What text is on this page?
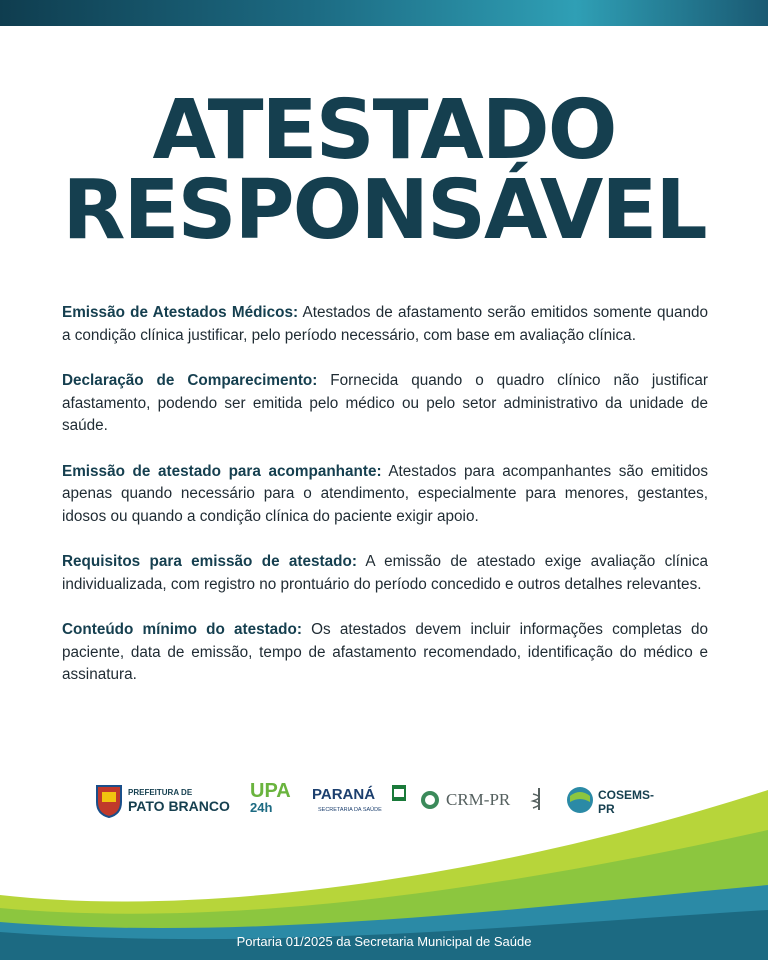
ATESTADO
RESPONSÁVEL

Emissão de Atestados Médicos: Atestados de afastamento serão emitidos somente quando a condição clínica justificar, pelo período necessário, com base em avaliação clínica.

Declaração de Comparecimento: Fornecida quando o quadro clínico não justificar afastamento, podendo ser emitida pelo médico ou pelo setor administrativo da unidade de saúde.

Emissão de atestado para acompanhante: Atestados para acompanhantes são emitidos apenas quando necessário para o atendimento, especialmente para menores, gestantes, idosos ou quando a condição clínica do paciente exigir apoio.

Requisitos para emissão de atestado: A emissão de atestado exige avaliação clínica individualizada, com registro no prontuário do período concedido e outros detalhes relevantes.

Conteúdo mínimo do atestado: Os atestados devem incluir informações completas do paciente, data de emissão, tempo de afastamento recomendado, identificação do médico e assinatura.

PREFEITURA DE
PATO BRANCO
UPA
24h
PARANÁ
SECRETARIA DA SAÚDE
CRM-PR	COSEMS-PR
Portaria 01/2025 da Secretaria Municipal de Saúde
